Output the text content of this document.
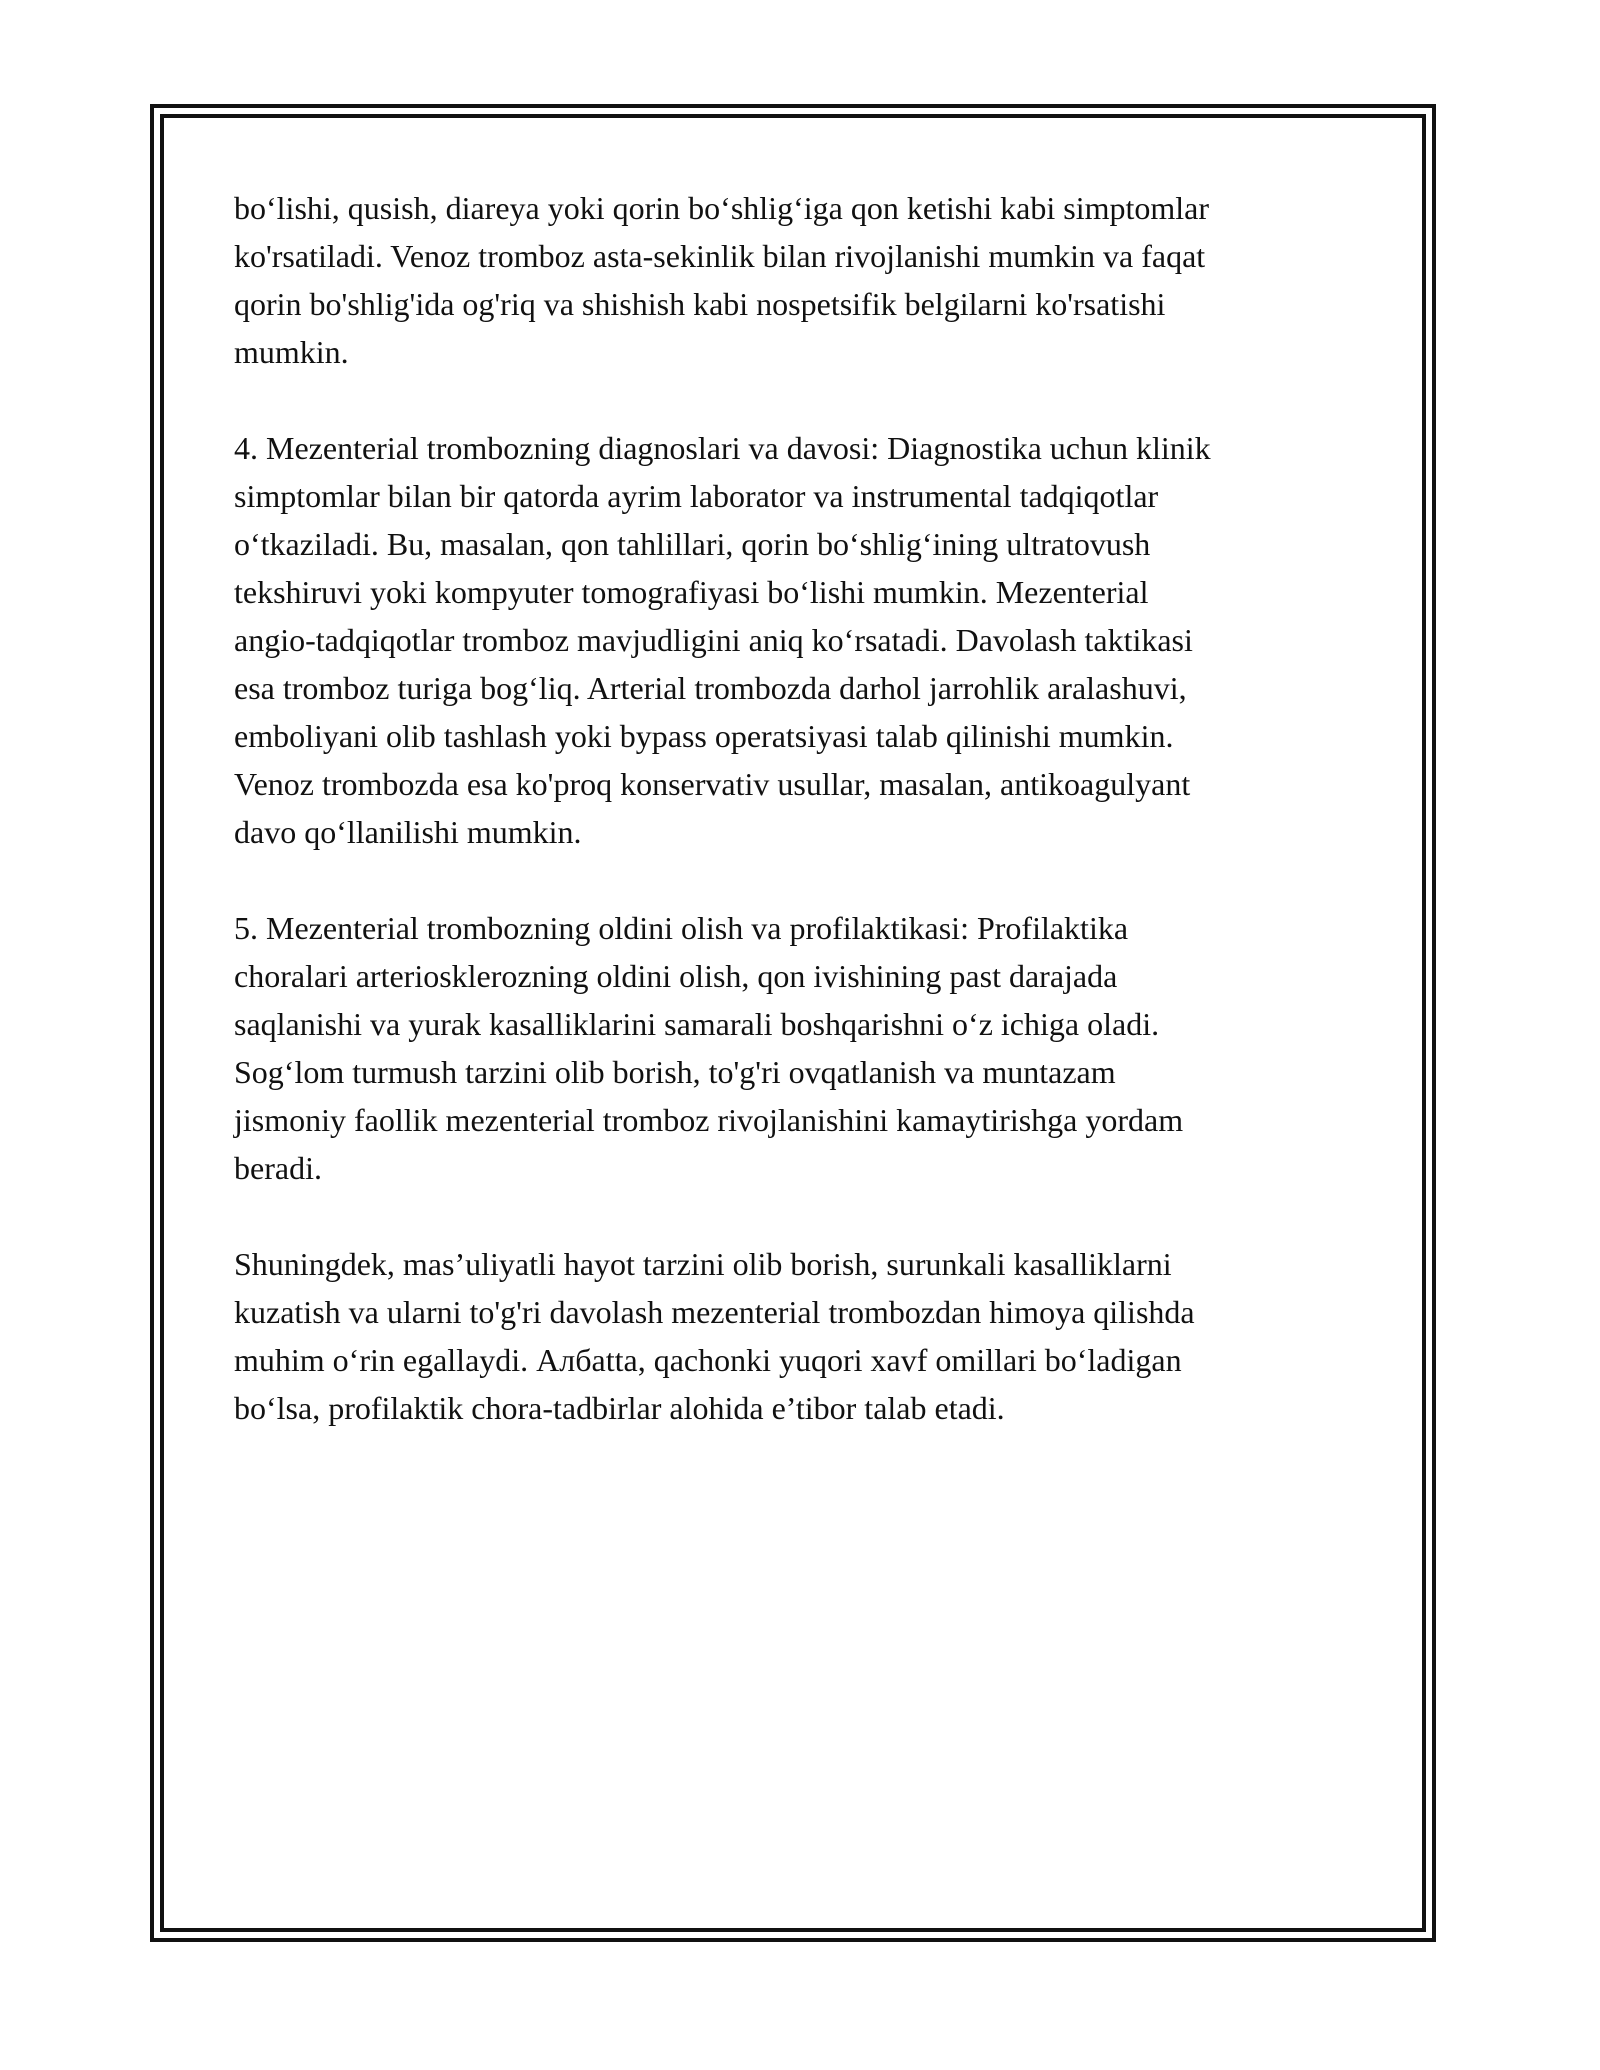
bo‘lishi, qusish, diareya yoki qorin bo‘shlig‘iga qon ketishi kabi simptomlar
ko'rsatiladi. Venoz tromboz asta-sekinlik bilan rivojlanishi mumkin va faqat
qorin bo'shlig'ida og'riq va shishish kabi nospetsifik belgilarni ko'rsatishi
mumkin.

4. Mezenterial trombozning diagnoslari va davosi: Diagnostika uchun klinik
simptomlar bilan bir qatorda ayrim laborator va instrumental tadqiqotlar
o‘tkaziladi. Bu, masalan, qon tahlillari, qorin bo‘shlig‘ining ultratovush
tekshiruvi yoki kompyuter tomografiyasi bo‘lishi mumkin. Mezenterial
angio-tadqiqotlar tromboz mavjudligini aniq ko‘rsatadi. Davolash taktikasi
esa tromboz turiga bog‘liq. Arterial trombozda darhol jarrohlik aralashuvi,
emboliyani olib tashlash yoki bypass operatsiyasi talab qilinishi mumkin.
Venoz trombozda esa ko'proq konservativ usullar, masalan, antikoagulyant
davo qo‘llanilishi mumkin.

5. Mezenterial trombozning oldini olish va profilaktikasi: Profilaktika
choralari arteriosklerozning oldini olish, qon ivishining past darajada
saqlanishi va yurak kasalliklarini samarali boshqarishni o‘z ichiga oladi.
Sog‘lom turmush tarzini olib borish, to'g'ri ovqatlanish va muntazam
jismoniy faollik mezenterial tromboz rivojlanishini kamaytirishga yordam
beradi.

Shuningdek, mas’uliyatli hayot tarzini olib borish, surunkali kasalliklarni
kuzatish va ularni to'g'ri davolash mezenterial trombozdan himoya qilishda
muhim o‘rin egallaydi. Албatta, qachonki yuqori xavf omillari bo‘ladigan
bo‘lsa, profilaktik chora-tadbirlar alohida e’tibor talab etadi.
